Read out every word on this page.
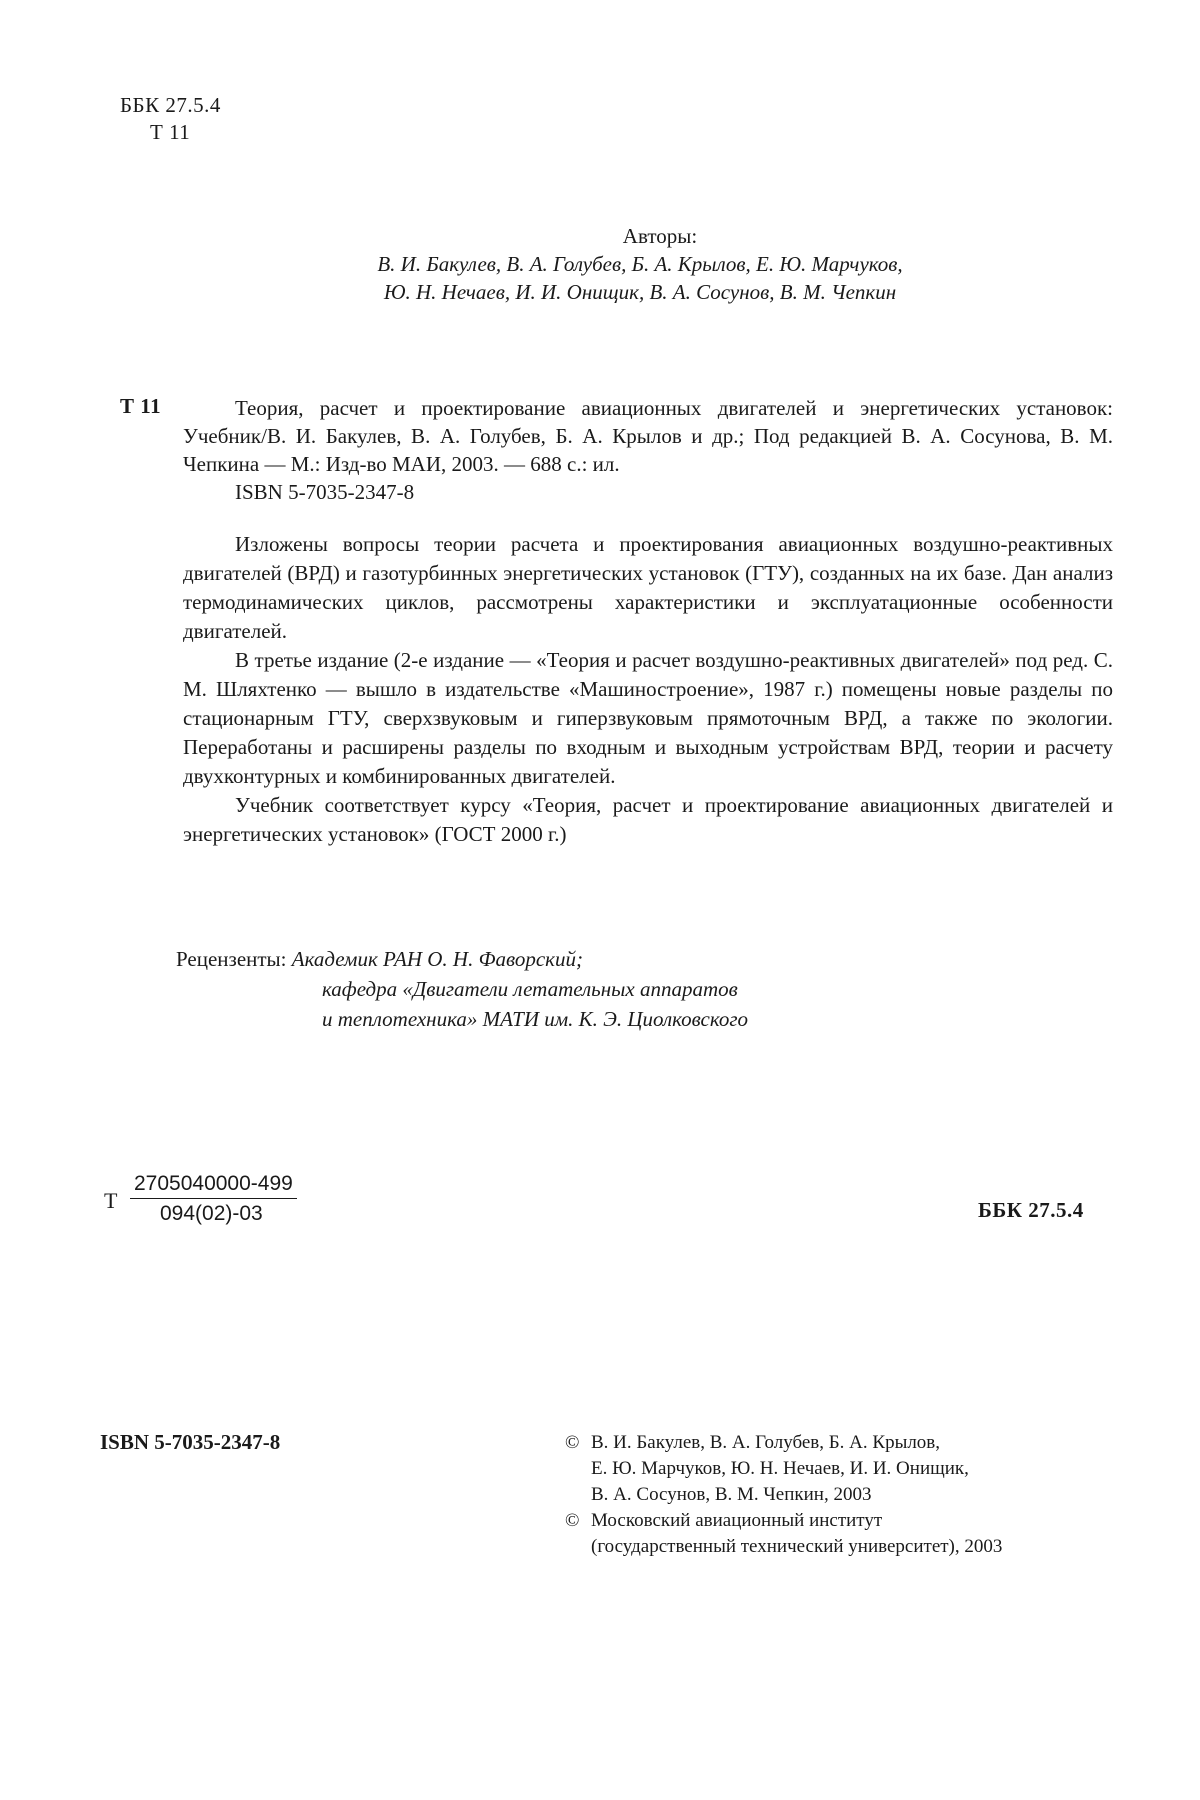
ББК 27.5.4
Т 11
Авторы:
В. И. Бакулев, В. А. Голубев, Б. А. Крылов, Е. Ю. Марчуков,
Ю. Н. Нечаев, И. И. Онищик, В. А. Сосунов, В. М. Чепкин
Т 11	Теория, расчет и проектирование авиационных двигателей и энергетических установок: Учебник/В. И. Бакулев, В. А. Голубев, Б. А. Крылов и др.; Под редакцией В. А. Сосунова, В. М. Чепкина — М.: Изд-во МАИ, 2003. — 688 с.: ил.
ISBN 5-7035-2347-8

Изложены вопросы теории расчета и проектирования авиационных воздушно-реактивных двигателей (ВРД) и газотурбинных энергетических установок (ГТУ), созданных на их базе. Дан анализ термодинамических циклов, рассмотрены характеристики и эксплуатационные особенности двигателей.

В третье издание (2-е издание — «Теория и расчет воздушно-реактивных двигателей» под ред. С. М. Шляхтенко — вышло в издательстве «Машиностроение», 1987 г.) помещены новые разделы по стационарным ГТУ, сверхзвуковым и гиперзвуковым прямоточным ВРД, а также по экологии. Переработаны и расширены разделы по входным и выходным устройствам ВРД, теории и расчету двухконтурных и комбинированных двигателей.

Учебник соответствует курсу «Теория, расчет и проектирование авиационных двигателей и энергетических установок» (ГОСТ 2000 г.)

Рецензенты: Академик РАН О. Н. Фаворский;
кафедра «Двигатели летательных аппаратов
и теплотехника» МАТИ им. К. Э. Циолковского
Т
2705040000-499
094(02)-03	ББК 27.5.4
ISBN 5-7035-2347-8	© В. И. Бакулев, В. А. Голубев, Б. А. Крылов,
Е. Ю. Марчуков, Ю. Н. Нечаев, И. И. Онищик,
В. А. Сосунов, В. М. Чепкин, 2003
© Московский авиационный институт
(государственный технический университет), 2003
